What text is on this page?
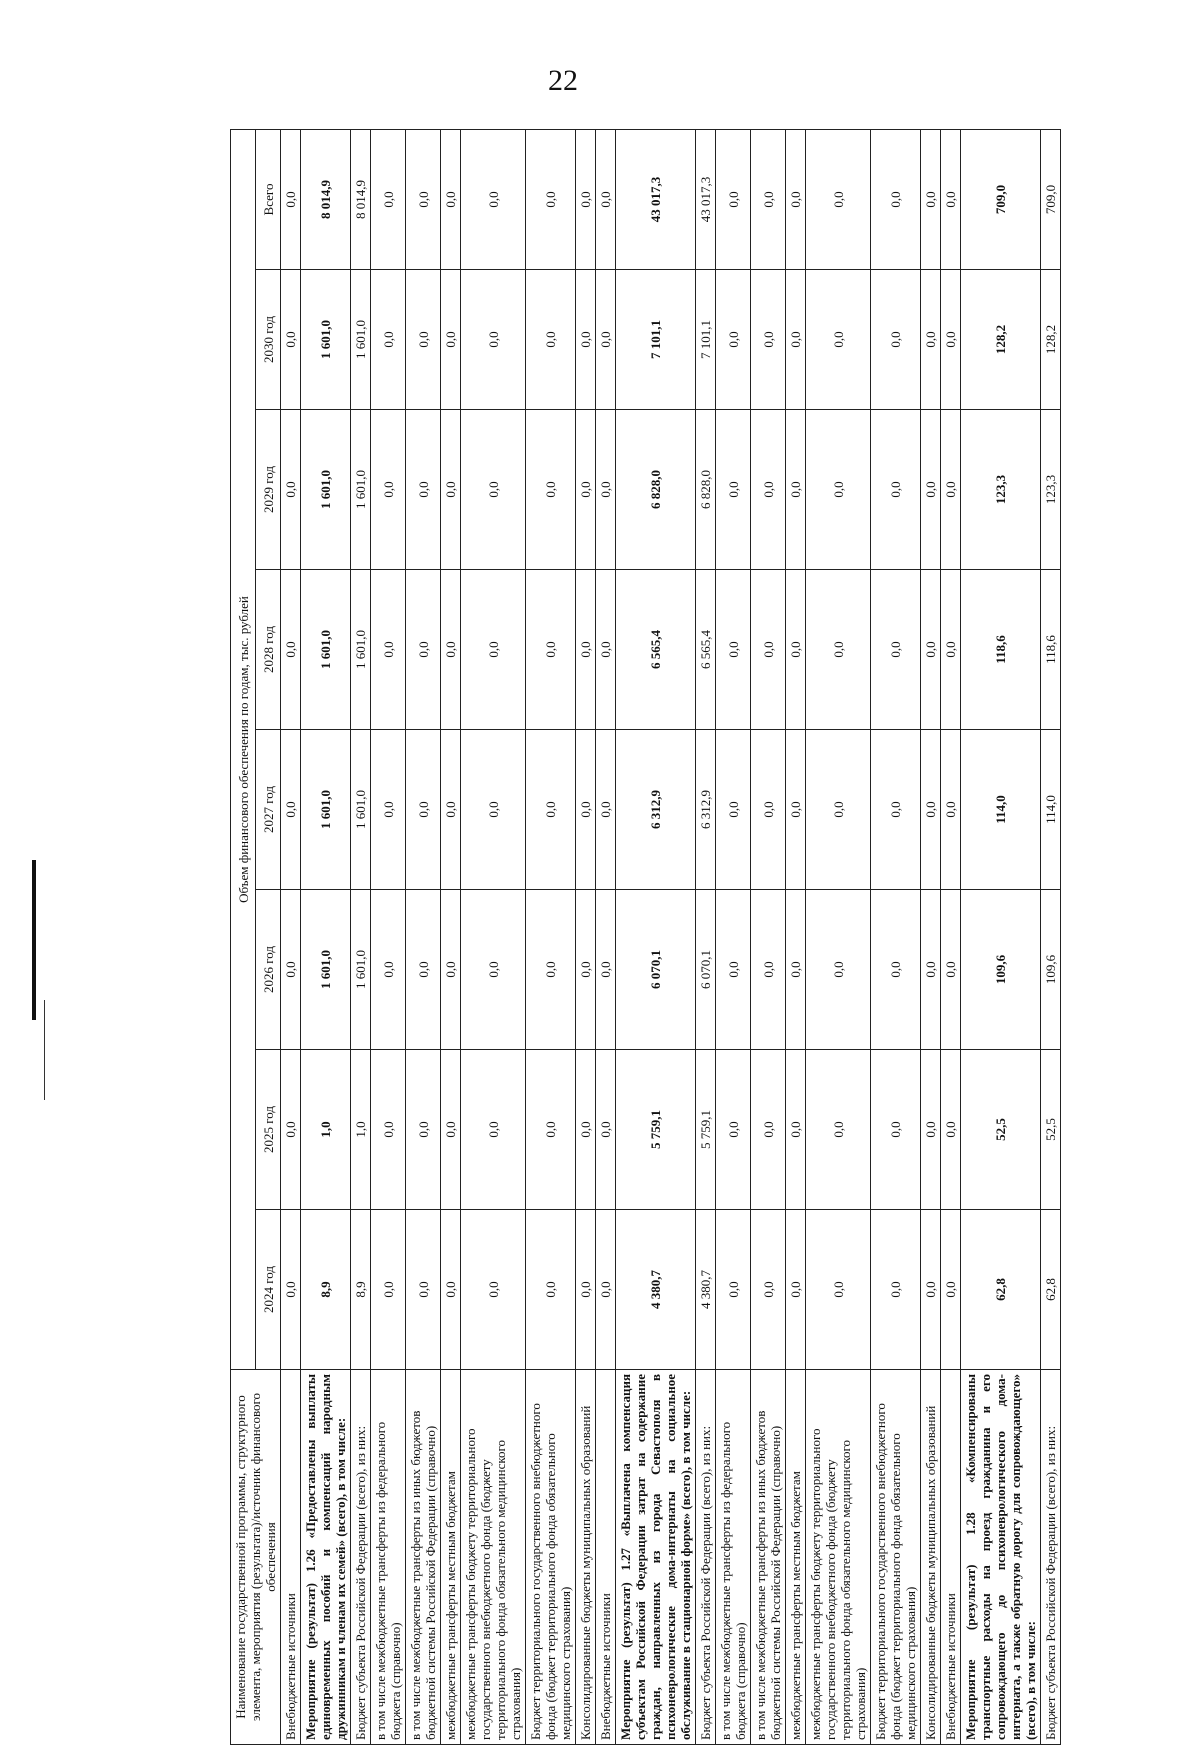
22
Наименование государственной программы, структурного элемента, мероприятия (результата)/источник финансового обеспечения	Объем финансового обеспечения по годам, тыс. рублей							
	2024 год	2025 год	2026 год	2027 год	2028 год	2029 год	2030 год	Всего
Внебюджетные источники	0,0	0,0	0,0	0,0	0,0	0,0	0,0	0,0
Мероприятие (результат) 1.26 «Предоставлены выплаты единовременных пособий и компенсаций народным дружинникам и членам их семей» (всего), в том числе:	8,9	1,0	1 601,0	1 601,0	1 601,0	1 601,0	1 601,0	8 014,9
Бюджет субъекта Российской Федерации (всего), из них:	8,9	1,0	1 601,0	1 601,0	1 601,0	1 601,0	1 601,0	8 014,9
в том числе межбюджетные трансферты из федерального бюджета (справочно)	0,0	0,0	0,0	0,0	0,0	0,0	0,0	0,0
в том числе межбюджетные трансферты из иных бюджетов бюджетной системы Российской Федерации (справочно)	0,0	0,0	0,0	0,0	0,0	0,0	0,0	0,0
межбюджетные трансферты местным бюджетам	0,0	0,0	0,0	0,0	0,0	0,0	0,0	0,0
межбюджетные трансферты бюджету территориального государственного внебюджетного фонда (бюджету территориального фонда обязательного медицинского страхования)	0,0	0,0	0,0	0,0	0,0	0,0	0,0	0,0
Бюджет территориального государственного внебюджетного фонда (бюджет территориального фонда обязательного медицинского страхования)	0,0	0,0	0,0	0,0	0,0	0,0	0,0	0,0
Консолидированные бюджеты муниципальных образований	0,0	0,0	0,0	0,0	0,0	0,0	0,0	0,0
Внебюджетные источники	0,0	0,0	0,0	0,0	0,0	0,0	0,0	0,0
Мероприятие (результат) 1.27 «Выплачена компенсация субъектам Российской Федерации затрат на содержание граждан, направленных из города Севастополя в психоневрологические дома-интернаты на социальное обслуживание в стационарной форме» (всего), в том числе:	4 380,7	5 759,1	6 070,1	6 312,9	6 565,4	6 828,0	7 101,1	43 017,3
Бюджет субъекта Российской Федерации (всего), из них:	4 380,7	5 759,1	6 070,1	6 312,9	6 565,4	6 828,0	7 101,1	43 017,3
в том числе межбюджетные трансферты из федерального бюджета (справочно)	0,0	0,0	0,0	0,0	0,0	0,0	0,0	0,0
в том числе межбюджетные трансферты из иных бюджетов бюджетной системы Российской Федерации (справочно)	0,0	0,0	0,0	0,0	0,0	0,0	0,0	0,0
межбюджетные трансферты местным бюджетам	0,0	0,0	0,0	0,0	0,0	0,0	0,0	0,0
межбюджетные трансферты бюджету территориального государственного внебюджетного фонда (бюджету территориального фонда обязательного медицинского страхования)	0,0	0,0	0,0	0,0	0,0	0,0	0,0	0,0
Бюджет территориального государственного внебюджетного фонда (бюджет территориального фонда обязательного медицинского страхования)	0,0	0,0	0,0	0,0	0,0	0,0	0,0	0,0
Консолидированные бюджеты муниципальных образований	0,0	0,0	0,0	0,0	0,0	0,0	0,0	0,0
Внебюджетные источники	0,0	0,0	0,0	0,0	0,0	0,0	0,0	0,0
Мероприятие (результат) 1.28 «Компенсированы транспортные расходы на проезд гражданина и его сопровождающего до психоневрологического дома-интерната, а также обратную дорогу для сопровождающего» (всего), в том числе:	62,8	52,5	109,6	114,0	118,6	123,3	128,2	709,0
Бюджет субъекта Российской Федерации (всего), из них:	62,8	52,5	109,6	114,0	118,6	123,3	128,2	709,0
